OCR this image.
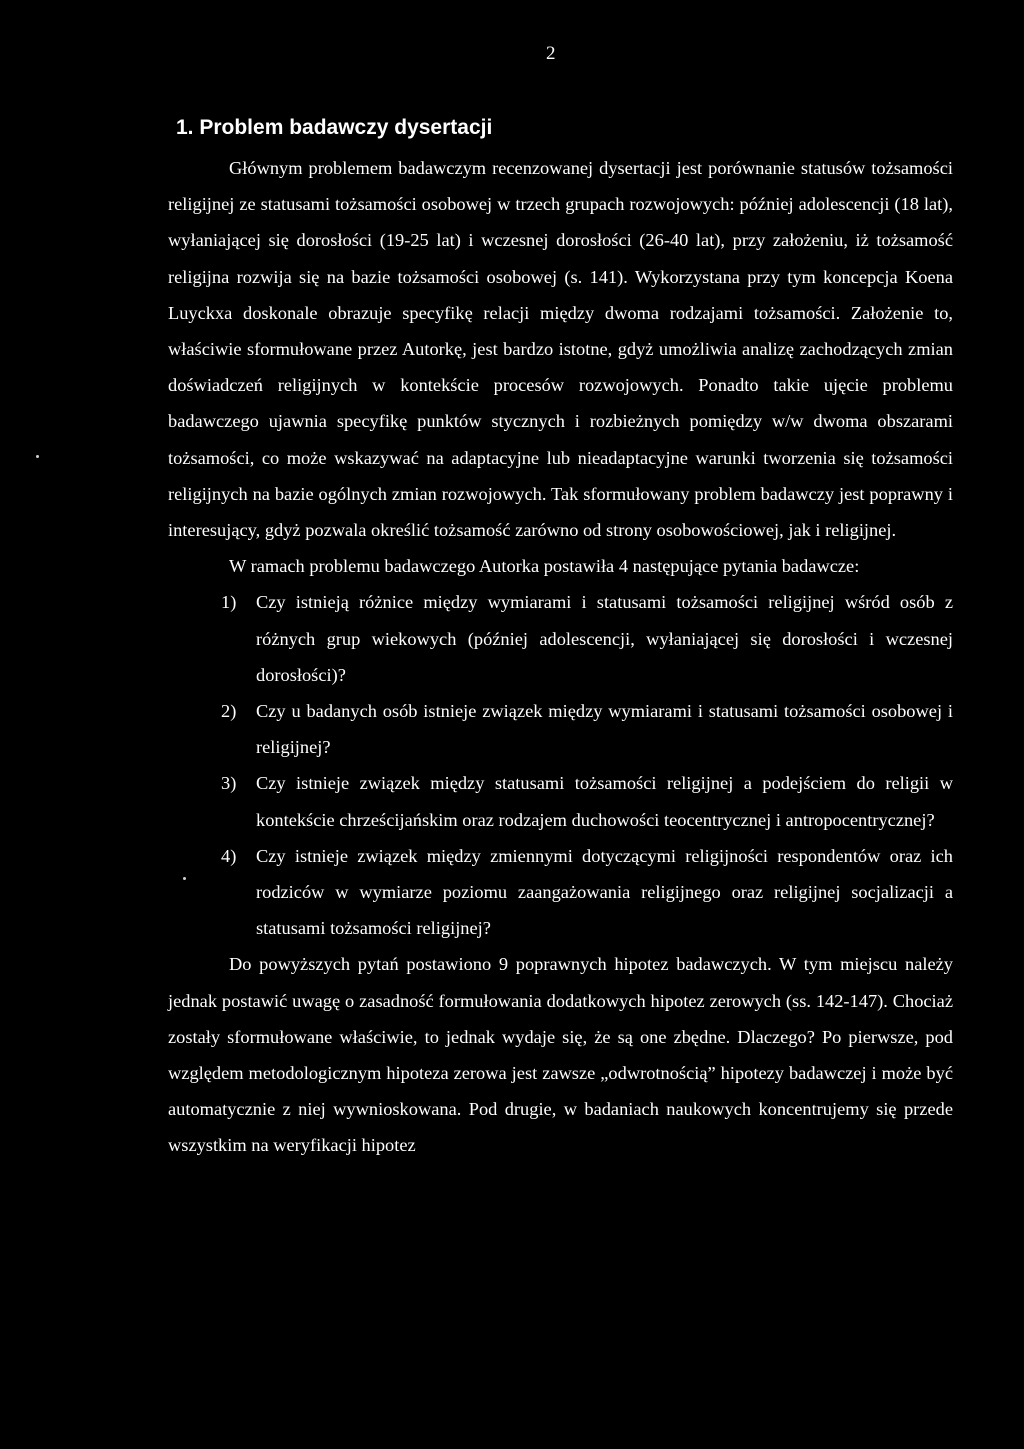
2
1. Problem badawczy dysertacji

Głównym problemem badawczym recenzowanej dysertacji jest porównanie statusów tożsamości religijnej ze statusami tożsamości osobowej w trzech grupach rozwojowych: później adolescencji (18 lat), wyłaniającej się dorosłości (19-25 lat) i wczesnej dorosłości (26-40 lat), przy założeniu, iż tożsamość religijna rozwija się na bazie tożsamości osobowej (s. 141). Wykorzystana przy tym koncepcja Koena Luyckxa doskonale obrazuje specyfikę relacji między dwoma rodzajami tożsamości. Założenie to, właściwie sformułowane przez Autorkę, jest bardzo istotne, gdyż umożliwia analizę zachodzących zmian doświadczeń religijnych w kontekście procesów rozwojowych. Ponadto takie ujęcie problemu badawczego ujawnia specyfikę punktów stycznych i rozbieżnych pomiędzy w/w dwoma obszarami tożsamości, co może wskazywać na adaptacyjne lub nieadaptacyjne warunki tworzenia się tożsamości religijnych na bazie ogólnych zmian rozwojowych. Tak sformułowany problem badawczy jest poprawny i interesujący, gdyż pozwala określić tożsamość zarówno od strony osobowościowej, jak i religijnej.

W ramach problemu badawczego Autorka postawiła 4 następujące pytania badawcze:

1) Czy istnieją różnice między wymiarami i statusami tożsamości religijnej wśród osób z różnych grup wiekowych (później adolescencji, wyłaniającej się dorosłości i wczesnej dorosłości)?
2) Czy u badanych osób istnieje związek między wymiarami i statusami tożsamości osobowej i religijnej?
3) Czy istnieje związek między statusami tożsamości religijnej a podejściem do religii w kontekście chrześcijańskim oraz rodzajem duchowości teocentrycznej i antropocentrycznej?
4) Czy istnieje związek między zmiennymi dotyczącymi religijności respondentów oraz ich rodziców w wymiarze poziomu zaangażowania religijnego oraz religijnej socjalizacji a statusami tożsamości religijnej?

Do powyższych pytań postawiono 9 poprawnych hipotez badawczych. W tym miejscu należy jednak postawić uwagę o zasadność formułowania dodatkowych hipotez zerowych (ss. 142-147). Chociaż zostały sformułowane właściwie, to jednak wydaje się, że są one zbędne. Dlaczego? Po pierwsze, pod względem metodologicznym hipoteza zerowa jest zawsze „odwrotnością” hipotezy badawczej i może być automatycznie z niej wywnioskowana. Pod drugie, w badaniach naukowych koncentrujemy się przede wszystkim na weryfikacji hipotez
